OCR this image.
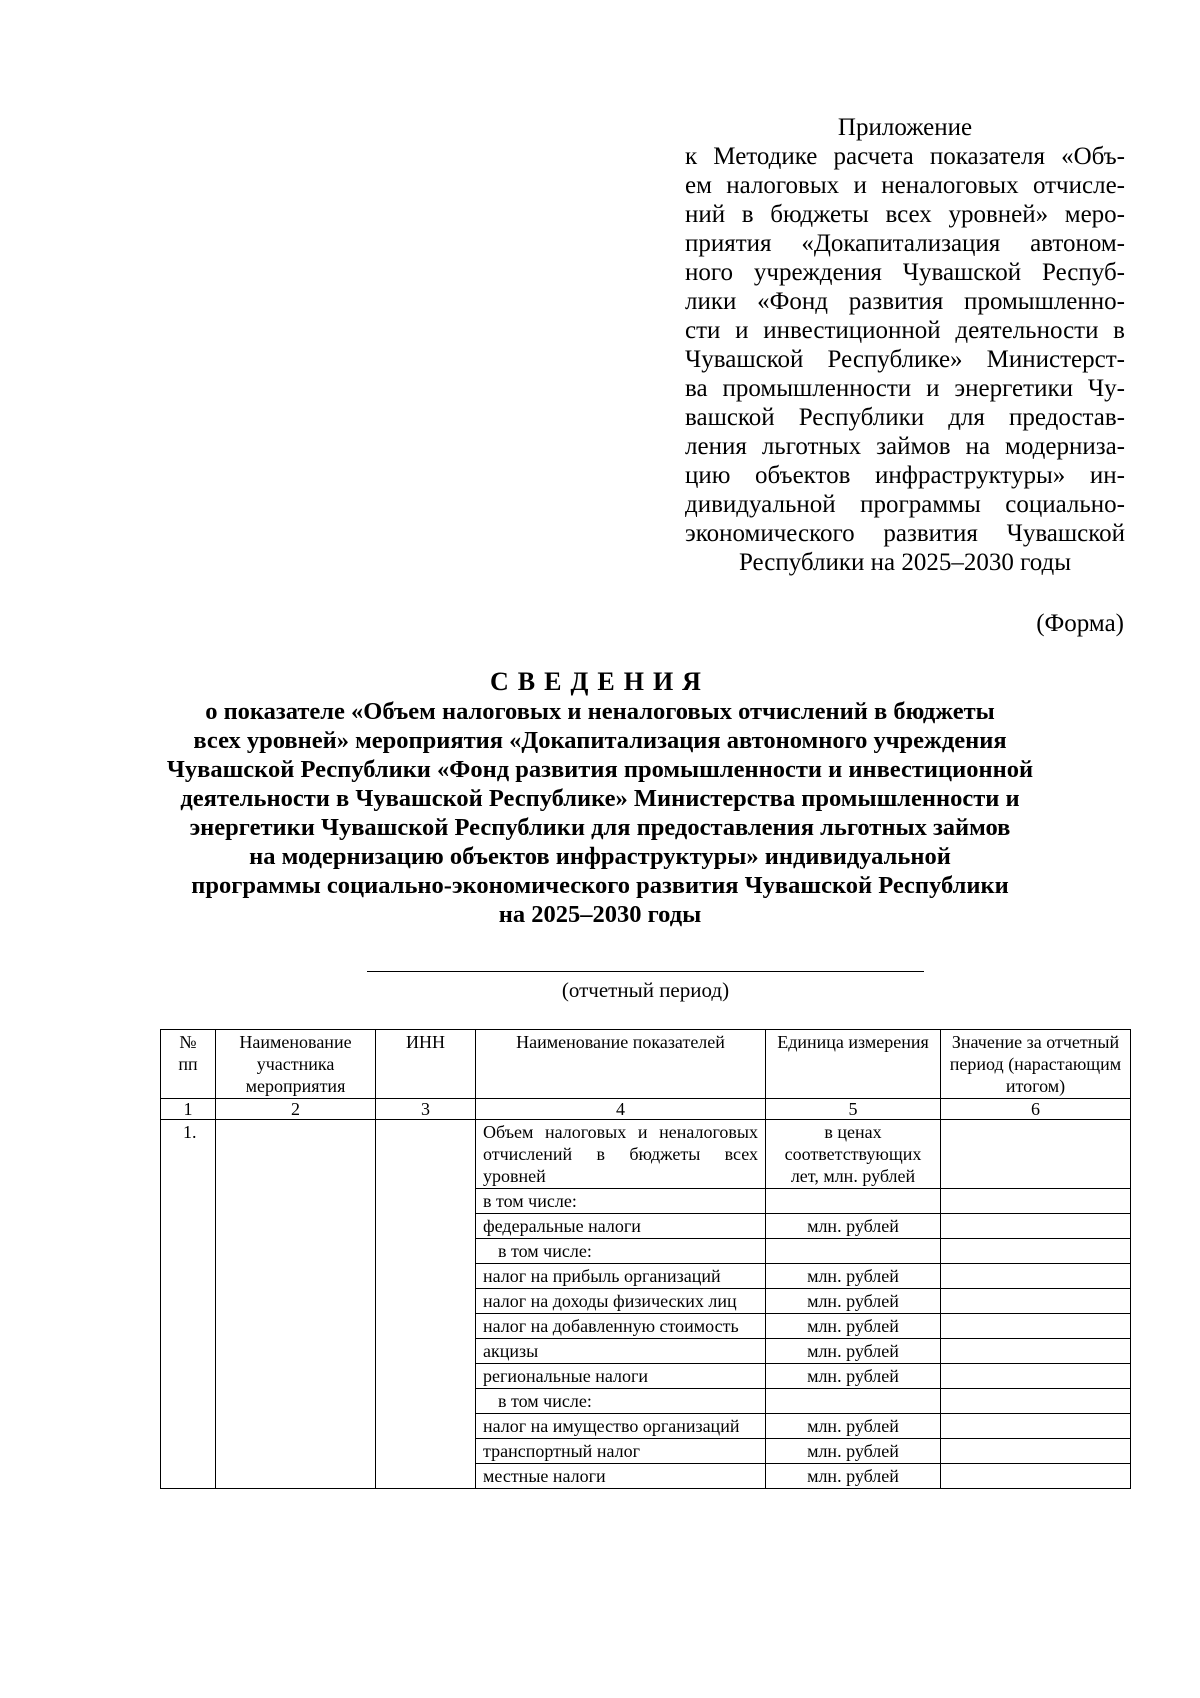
Приложение
к Методике расчета показателя «Объ-
ем налоговых и неналоговых отчисле-
ний в бюджеты всех уровней» меро-
приятия «Докапитализация автоном-
ного учреждения Чувашской Респуб-
лики «Фонд развития промышленно-
сти и инвестиционной деятельности в
Чувашской Республике» Министерст-
ва промышленности и энергетики Чу-
вашской Республики для предостав-
ления льготных займов на модерниза-
цию объектов инфраструктуры» ин-
дивидуальной программы социально-
экономического развития Чувашской
Республики на 2025–2030 годы
(Форма)
СВЕДЕНИЯ
о показателе «Объем налоговых и неналоговых отчислений в бюджеты
всех уровней» мероприятия «Докапитализация автономного учреждения
Чувашской Республики «Фонд развития промышленности и инвестиционной
деятельности в Чувашской Республике» Министерства промышленности и
энергетики Чувашской Республики для предоставления льготных займов
на модернизацию объектов инфраструктуры» индивидуальной
программы социально-экономического развития Чувашской Республики
на 2025–2030 годы
(отчетный период)
№ пп	Наименование участника мероприятия	ИНН	Наименование показателей	Единица измерения	Значение за отчетный период (нарастающим итогом)
1	2	3	4	5	6
1.			Объем налоговых и неналоговых отчислений в бюджеты всех уровней	в ценах соответствующих лет, млн. рублей	
			в том числе:		
			федеральные налоги	млн. рублей	
			в том числе:		
			налог на прибыль организаций	млн. рублей	
			налог на доходы физических лиц	млн. рублей	
			налог на добавленную стоимость	млн. рублей	
			акцизы	млн. рублей	
			региональные налоги	млн. рублей	
			в том числе:		
			налог на имущество организаций	млн. рублей	
			транспортный налог	млн. рублей	
			местные налоги	млн. рублей	
